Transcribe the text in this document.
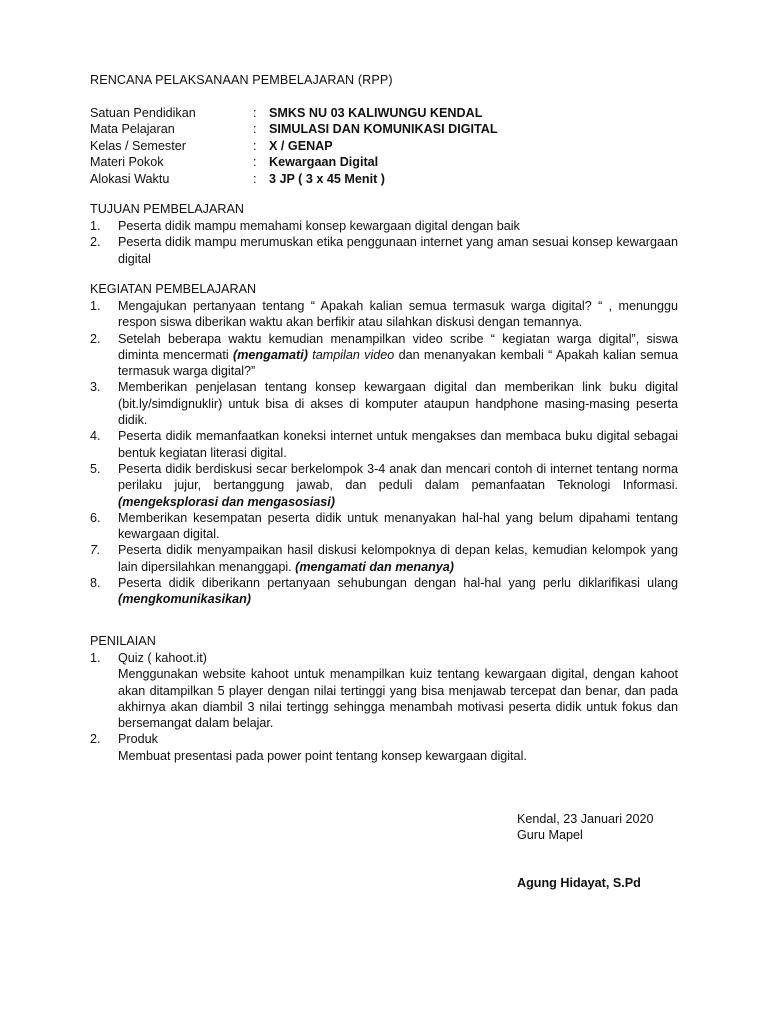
RENCANA PELAKSANAAN PEMBELAJARAN (RPP)
Satuan Pendidikan	: SMKS NU 03 KALIWUNGU KENDAL
Mata Pelajaran	: SIMULASI DAN KOMUNIKASI DIGITAL
Kelas / Semester	: X / GENAP
Materi Pokok	: Kewargaan Digital
Alokasi Waktu	: 3 JP ( 3 x 45 Menit )
TUJUAN PEMBELAJARAN
1. Peserta didik mampu memahami konsep kewargaan digital dengan baik
2. Peserta didik mampu merumuskan etika penggunaan internet yang aman sesuai konsep kewargaan digital
KEGIATAN PEMBELAJARAN
1. Mengajukan pertanyaan tentang “ Apakah kalian semua termasuk warga digital? “ , menunggu respon siswa diberikan waktu akan berfikir atau silahkan diskusi dengan temannya.
2. Setelah beberapa waktu kemudian menampilkan video scribe “ kegiatan warga digital”, siswa diminta mencermati (mengamati) tampilan video dan menanyakan kembali “ Apakah kalian semua termasuk warga digital?”
3. Memberikan penjelasan tentang konsep kewargaan digital dan memberikan link buku digital (bit.ly/simdignuklir) untuk bisa di akses di komputer ataupun handphone masing-masing peserta didik.
4. Peserta didik memanfaatkan koneksi internet untuk mengakses dan membaca buku digital sebagai bentuk kegiatan literasi digital.
5. Peserta didik berdiskusi secar berkelompok 3-4 anak dan mencari contoh di internet tentang norma perilaku jujur, bertanggung jawab, dan peduli dalam pemanfaatan Teknologi Informasi. (mengeksplorasi dan mengasosiasi)
6. Memberikan kesempatan peserta didik untuk menanyakan hal-hal yang belum dipahami tentang kewargaan digital.
7. Peserta didik menyampaikan hasil diskusi kelompoknya di depan kelas, kemudian kelompok yang lain dipersilahkan menanggapi. (mengamati dan menanya)
8. Peserta didik diberikann pertanyaan sehubungan dengan hal-hal yang perlu diklarifikasi ulang (mengkomunikasikan)
PENILAIAN
1. Quiz ( kahoot.it)
Menggunakan website kahoot untuk menampilkan kuiz tentang kewargaan digital, dengan kahoot akan ditampilkan 5 player dengan nilai tertinggi yang bisa menjawab tercepat dan benar, dan pada akhirnya akan diambil 3 nilai tertingg sehingga menambah motivasi peserta didik untuk fokus dan bersemangat dalam belajar.
2. Produk
Membuat presentasi pada power point tentang konsep kewargaan digital.
Kendal, 23 Januari 2020
Guru Mapel
Agung Hidayat, S.Pd
